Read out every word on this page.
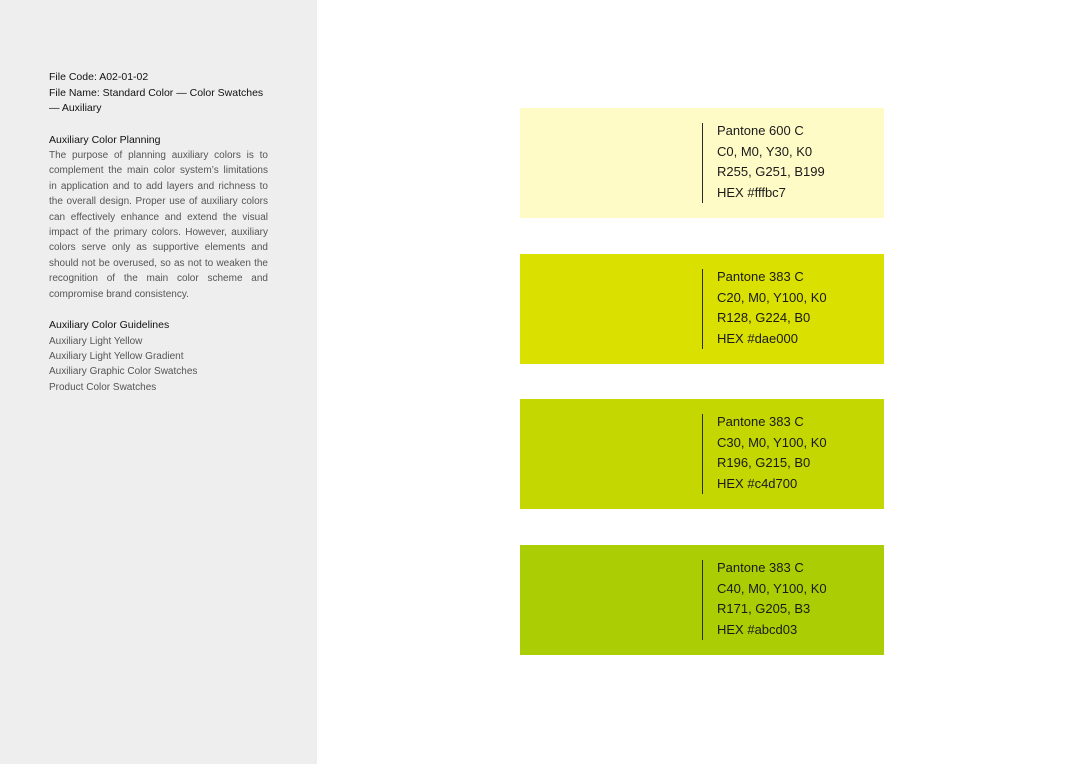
File Code: A02-01-02

File Name: Standard Color — Color Swatches

— Auxiliary

Auxiliary Color Planning

The purpose of planning auxiliary colors is to complement the main color system’s limitations in application and to add layers and richness to the overall design. Proper use of auxiliary colors can effectively enhance and extend the visual impact of the primary colors. However, auxiliary colors serve only as supportive elements and should not be overused, so as not to weaken the recognition of the main color scheme and compromise brand consistency.

Auxiliary Color Guidelines

Auxiliary Light Yellow

Auxiliary Light Yellow Gradient

Auxiliary Graphic Color Swatches

Product Color Swatches

Pantone 600 C

C0, M0, Y30, K0

R255, G251, B199

HEX #fffbc7

Pantone 383 C

C20, M0, Y100, K0

R128, G224, B0

HEX #dae000

Pantone 383 C

C30, M0, Y100, K0

R196, G215, B0

HEX #c4d700

Pantone 383 C

C40, M0, Y100, K0

R171, G205, B3

HEX #abcd03
